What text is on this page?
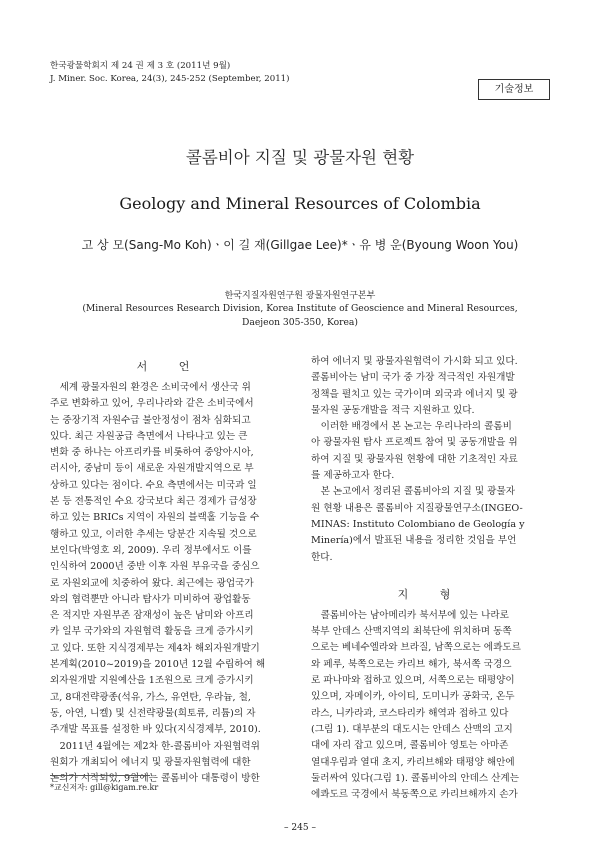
한국광물학회지 제 24 권 제 3 호 (2011년 9월)
J. Miner. Soc. Korea, 24(3), 245-252 (September, 2011)
기술정보
콜롬비아 지질 및 광물자원 현황
Geology and Mineral Resources of Colombia
고 상 모(Sang-Mo Koh)ㆍ이 길 재(Gillgae Lee)*ㆍ유 병 운(Byoung Woon You)
한국지질자원연구원 광물자원연구본부
(Mineral Resources Research Division, Korea Institute of Geoscience and Mineral Resources,
Daejeon 305-350, Korea)
서 언
세계 광물자원의 환경은 소비국에서 생산국 위
주로 변화하고 있어, 우리나라와 같은 소비국에서
는 중장기적 자원수급 불안정성이 점차 심화되고
있다. 최근 자원공급 측면에서 나타나고 있는 큰
변화 중 하나는 아프리카를 비롯하여 중앙아시아,
러시아, 중남미 등이 새로운 자원개발지역으로 부
상하고 있다는 점이다. 수요 측면에서는 미국과 일
본 등 전통적인 수요 강국보다 최근 경제가 급성장
하고 있는 BRICs 지역이 자원의 블랙홀 기능을 수
행하고 있고, 이러한 추세는 당분간 지속될 것으로
보인다(박영호 외, 2009). 우리 정부에서도 이를
인식하여 2000년 중반 이후 자원 부유국을 중심으
로 자원외교에 치중하여 왔다. 최근에는 광업국가
와의 협력뿐만 아니라 탐사가 미비하여 광업활동
은 적지만 자원부존 잠재성이 높은 남미와 아프리
카 일부 국가와의 자원협력 활동을 크게 증가시키
고 있다. 또한 지식경제부는 제4차 해외자원개발기
본계획(2010~2019)을 2010년 12월 수립하여 해
외자원개발 지원예산을 1조원으로 크게 증가시키
고, 8대전략광종(석유, 가스, 유연탄, 우라늄, 철,
동, 아연, 니켈) 및 신전략광물(희토류, 리튬)의 자
주개발 목표를 설정한 바 있다(지식경제부, 2010).
2011년 4월에는 제2차 한-콜롬비아 자원협력위
원회가 개최되어 에너지 및 광물자원협력에 대한
논의가 시작되었, 9월에는 콜롬비아 대통령이 방한
하여 에너지 및 광물자원협력이 가시화 되고 있다.
콜롬비아는 남미 국가 중 가장 적극적인 자원개발
정책을 펼치고 있는 국가이며 외국과 에너지 및 광
물자원 공동개발을 적극 지원하고 있다.
이러한 배경에서 본 논고는 우리나라의 콜롬비
아 광물자원 탐사 프로젝트 참여 및 공동개발을 위
하여 지질 및 광물자원 현황에 대한 기초적인 자료
를 제공하고자 한다.
본 논고에서 정리된 콜롬비아의 지질 및 광물자
원 현황 내용은 콜롬비아 지질광물연구소(INGEO-
MINAS: Instituto Colombiano de Geología y
Minería)에서 발표된 내용을 정리한 것임을 부언
한다.
지 형
콜롬비아는 남아메리카 북서부에 있는 나라로
북부 안데스 산맥지역의 최북단에 위치하며 동쪽
으로는 베네수엘라와 브라질, 남쪽으로는 에콰도르
와 페루, 북쪽으로는 카리브 해가, 북서쪽 국경으
로 파나마와 접하고 있으며, 서쪽으로는 태평양이
있으며, 자메이카, 아이티, 도미니카 공화국, 온두
라스, 니카라과, 코스타리카 해역과 접하고 있다
(그림 1). 대부분의 대도시는 안데스 산맥의 고지
대에 자리 잡고 있으며, 콜롬비아 영토는 아마존
열대우림과 열대 초지, 카리브해와 태평양 해안에
둘러싸여 있다(그림 1). 콜롬비아의 안데스 산계는
에콰도르 국경에서 북동쪽으로 카리브해까지 손가
*교신저자: gill@kigam.re.kr
– 245 –
